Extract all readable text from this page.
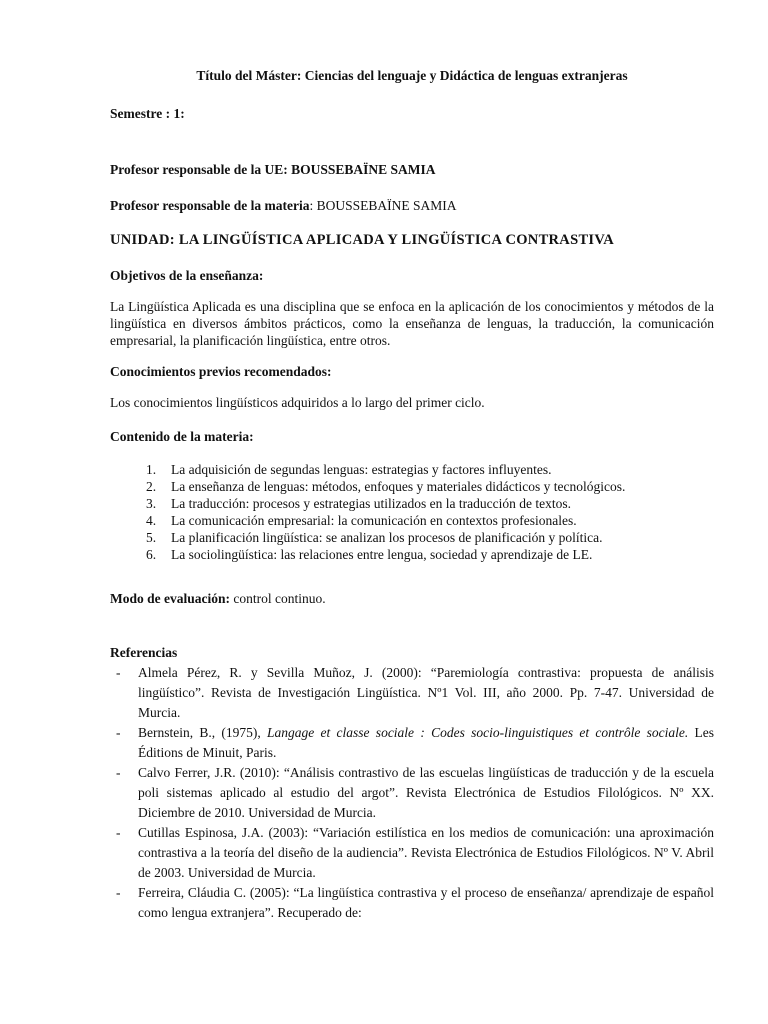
Título del Máster: Ciencias del lenguaje y Didáctica de lenguas extranjeras

Semestre : 1:

Profesor responsable de la UE: BOUSSEBAÏNE SAMIA

Profesor responsable de la materia: BOUSSEBAÏNE SAMIA

UNIDAD: LA LINGÜÍSTICA APLICADA Y LINGÜÍSTICA CONTRASTIVA

Objetivos de la enseñanza:

La Lingüística Aplicada es una disciplina que se enfoca en la aplicación de los conocimientos y métodos de la lingüística en diversos ámbitos prácticos, como la enseñanza de lenguas, la traducción, la comunicación empresarial, la planificación lingüística, entre otros.

Conocimientos previos recomendados:

Los conocimientos lingüísticos adquiridos a lo largo del primer ciclo.

Contenido de la materia:

1.	La adquisición de segundas lenguas: estrategias y factores influyentes.
2.	La enseñanza de lenguas: métodos, enfoques y materiales didácticos y tecnológicos.
3.	La traducción: procesos y estrategias utilizados en la traducción de textos.
4.	La comunicación empresarial: la comunicación en contextos profesionales.
5.	La planificación lingüística: se analizan los procesos de planificación y política.
6.	La sociolingüística: las relaciones entre lengua, sociedad y aprendizaje de LE.

Modo de evaluación: control continuo.

Referencias

-	Almela Pérez, R. y Sevilla Muñoz, J. (2000): “Paremiología contrastiva: propuesta de análisis lingüístico”. Revista de Investigación Lingüística. Nº1 Vol. III, año 2000. Pp. 7-47. Universidad de Murcia.
-	Bernstein, B., (1975), Langage et classe sociale : Codes socio-linguistiques et contrôle sociale. Les Éditions de Minuit, Paris.
-	Calvo Ferrer, J.R. (2010): “Análisis contrastivo de las escuelas lingüísticas de traducción y de la escuela poli sistemas aplicado al estudio del argot”. Revista Electrónica de Estudios Filológicos. Nº XX. Diciembre de 2010. Universidad de Murcia.
-	Cutillas Espinosa, J.A. (2003): “Variación estilística en los medios de comunicación: una aproximación contrastiva a la teoría del diseño de la audiencia”. Revista Electrónica de Estudios Filológicos. Nº V. Abril de 2003. Universidad de Murcia.
-	Ferreira, Cláudia C. (2005): “La lingüística contrastiva y el proceso de enseñanza/ aprendizaje de español como lengua extranjera”. Recuperado de:
